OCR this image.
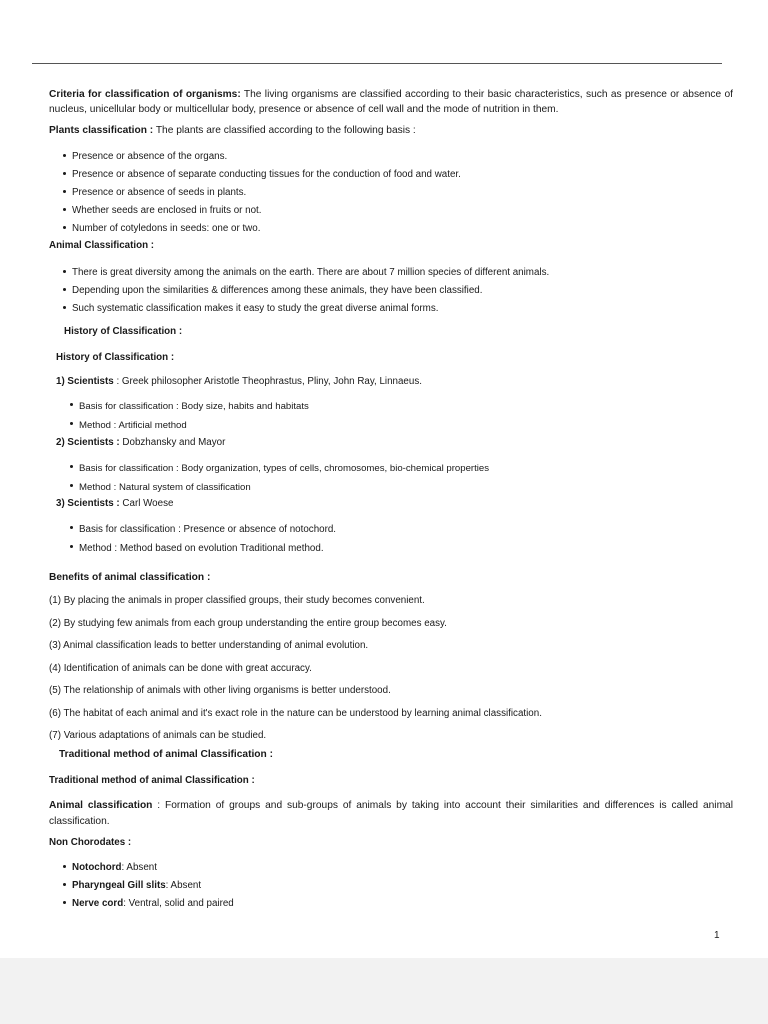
Criteria for classification of organisms: The living organisms are classified according to their basic characteristics, such as presence or absence of nucleus, unicellular body or multicellular body, presence or absence of cell wall and the mode of nutrition in them.

Plants classification : The plants are classified according to the following basis :

Presence or absence of the organs.
Presence or absence of separate conducting tissues for the conduction of food and water.
Presence or absence of seeds in plants.
Whether seeds are enclosed in fruits or not.
Number of cotyledons in seeds: one or two.

Animal Classification :

There is great diversity among the animals on the earth. There are about 7 million species of different animals.
Depending upon the similarities & differences among these animals, they have been classified.
Such systematic classification makes it easy to study the great diverse animal forms.

History of Classification :

History of Classification :

1) Scientists : Greek philosopher Aristotle Theophrastus, Pliny, John Ray, Linnaeus.

Basis for classification : Body size, habits and habitats
Method : Artificial method

2) Scientists : Dobzhansky and Mayor

Basis for classification : Body organization, types of cells, chromosomes, bio-chemical properties
Method : Natural system of classification

3) Scientists : Carl Woese

Basis for classification : Presence or absence of notochord.
Method : Method based on evolution Traditional method.

Benefits of animal classification :

(1) By placing the animals in proper classified groups, their study becomes convenient.

(2) By studying few animals from each group understanding the entire group becomes easy.

(3) Animal classification leads to better understanding of animal evolution.

(4) Identification of animals can be done with great accuracy.

(5) The relationship of animals with other living organisms is better understood.

(6) The habitat of each animal and it's exact role in the nature can be understood by learning animal classification.

(7) Various adaptations of animals can be studied.

Traditional method of animal Classification :

Traditional method of animal Classification :

Animal classification : Formation of groups and sub-groups of animals by taking into account their similarities and differences is called animal classification.

Non Chorodates :

Notochord: Absent
Pharyngeal Gill slits: Absent
Nerve cord: Ventral, solid and paired
1
